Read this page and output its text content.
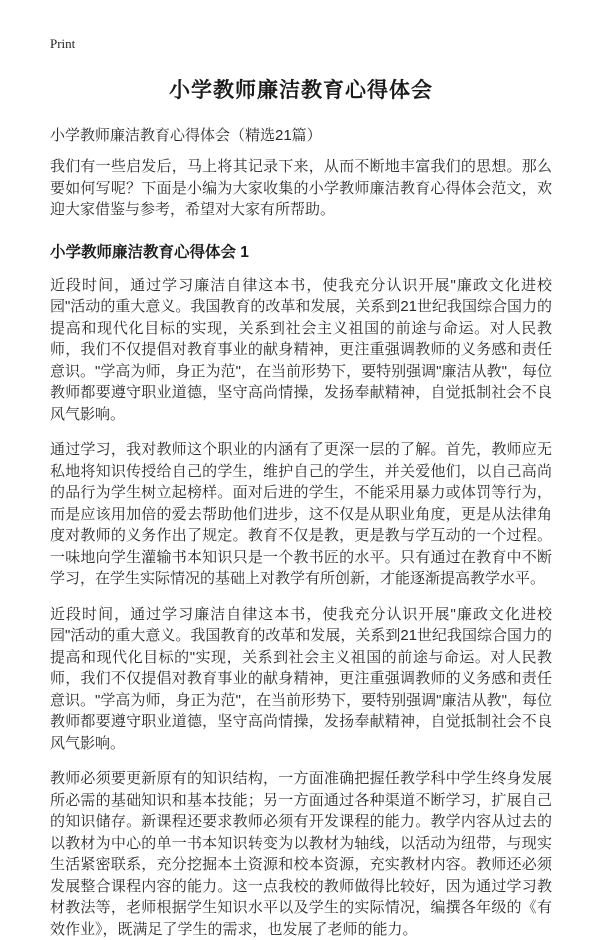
Print
小学教师廉洁教育心得体会

小学教师廉洁教育心得体会（精选21篇）

我们有一些启发后，马上将其记录下来，从而不断地丰富我们的思想。那么要如何写呢？下面是小编为大家收集的小学教师廉洁教育心得体会范文，欢迎大家借鉴与参考，希望对大家有所帮助。

小学教师廉洁教育心得体会 1

近段时间，通过学习廉洁自律这本书，使我充分认识开展"廉政文化进校园"活动的重大意义。我国教育的改革和发展，关系到21世纪我国综合国力的提高和现代化目标的实现，关系到社会主义祖国的前途与命运。对人民教师，我们不仅提倡对教育事业的献身精神，更注重强调教师的义务感和责任意识。"学高为师，身正为范"，在当前形势下，要特别强调"廉洁从教"，每位教师都要遵守职业道德，坚守高尚情操，发扬奉献精神，自觉抵制社会不良风气影响。

通过学习，我对教师这个职业的内涵有了更深一层的了解。首先，教师应无私地将知识传授给自己的学生，维护自己的学生，并关爱他们，以自己高尚的品行为学生树立起榜样。面对后进的学生，不能采用暴力或体罚等行为，而是应该用加倍的爱去帮助他们进步，这不仅是从职业角度，更是从法律角度对教师的义务作出了规定。教育不仅是教，更是教与学互动的一个过程。一味地向学生灌输书本知识只是一个教书匠的水平。只有通过在教育中不断学习，在学生实际情况的基础上对教学有所创新，才能逐渐提高教学水平。

近段时间，通过学习廉洁自律这本书，使我充分认识开展"廉政文化进校园"活动的重大意义。我国教育的改革和发展，关系到21世纪我国综合国力的提高和现代化目标的"实现，关系到社会主义祖国的前途与命运。对人民教师，我们不仅提倡对教育事业的献身精神，更注重强调教师的义务感和责任意识。"学高为师，身正为范"，在当前形势下，要特别强调"廉洁从教"，每位教师都要遵守职业道德，坚守高尚情操，发扬奉献精神，自觉抵制社会不良风气影响。

教师必须要更新原有的知识结构，一方面准确把握任教学科中学生终身发展所必需的基础知识和基本技能；另一方面通过各种渠道不断学习，扩展自己的知识储存。新课程还要求教师必须有开发课程的能力。教学内容从过去的以教材为中心的单一书本知识转变为以教材为轴线，以活动为纽带，与现实生活紧密联系，充分挖掘本土资源和校本资源，充实教材内容。教师还必须发展整合课程内容的能力。这一点我校的教师做得比较好，因为通过学习教材教法等，老师根据学生知识水平以及学生的实际情况，编撰各年级的《有效作业》，既满足了学生的需求，也发展了老师的能力。
